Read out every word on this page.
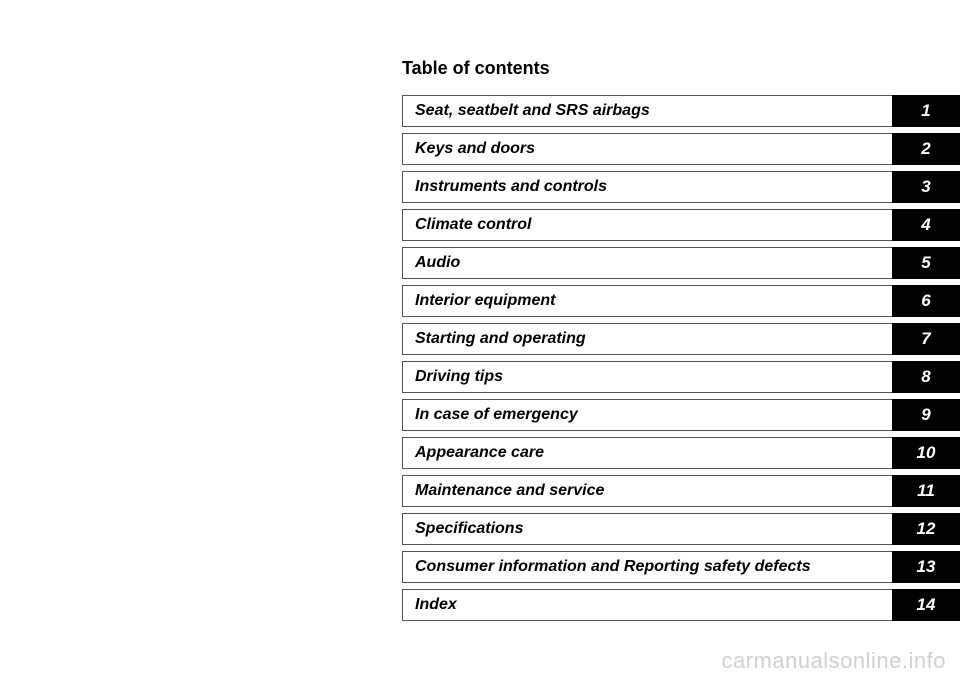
Table of contents
Seat, seatbelt and SRS airbags	1
Keys and doors	2
Instruments and controls	3
Climate control	4
Audio	5
Interior equipment	6
Starting and operating	7
Driving tips	8
In case of emergency	9
Appearance care	10
Maintenance and service	11
Specifications	12
Consumer information and Reporting safety defects	13
Index	14
carmanualsonline.info
